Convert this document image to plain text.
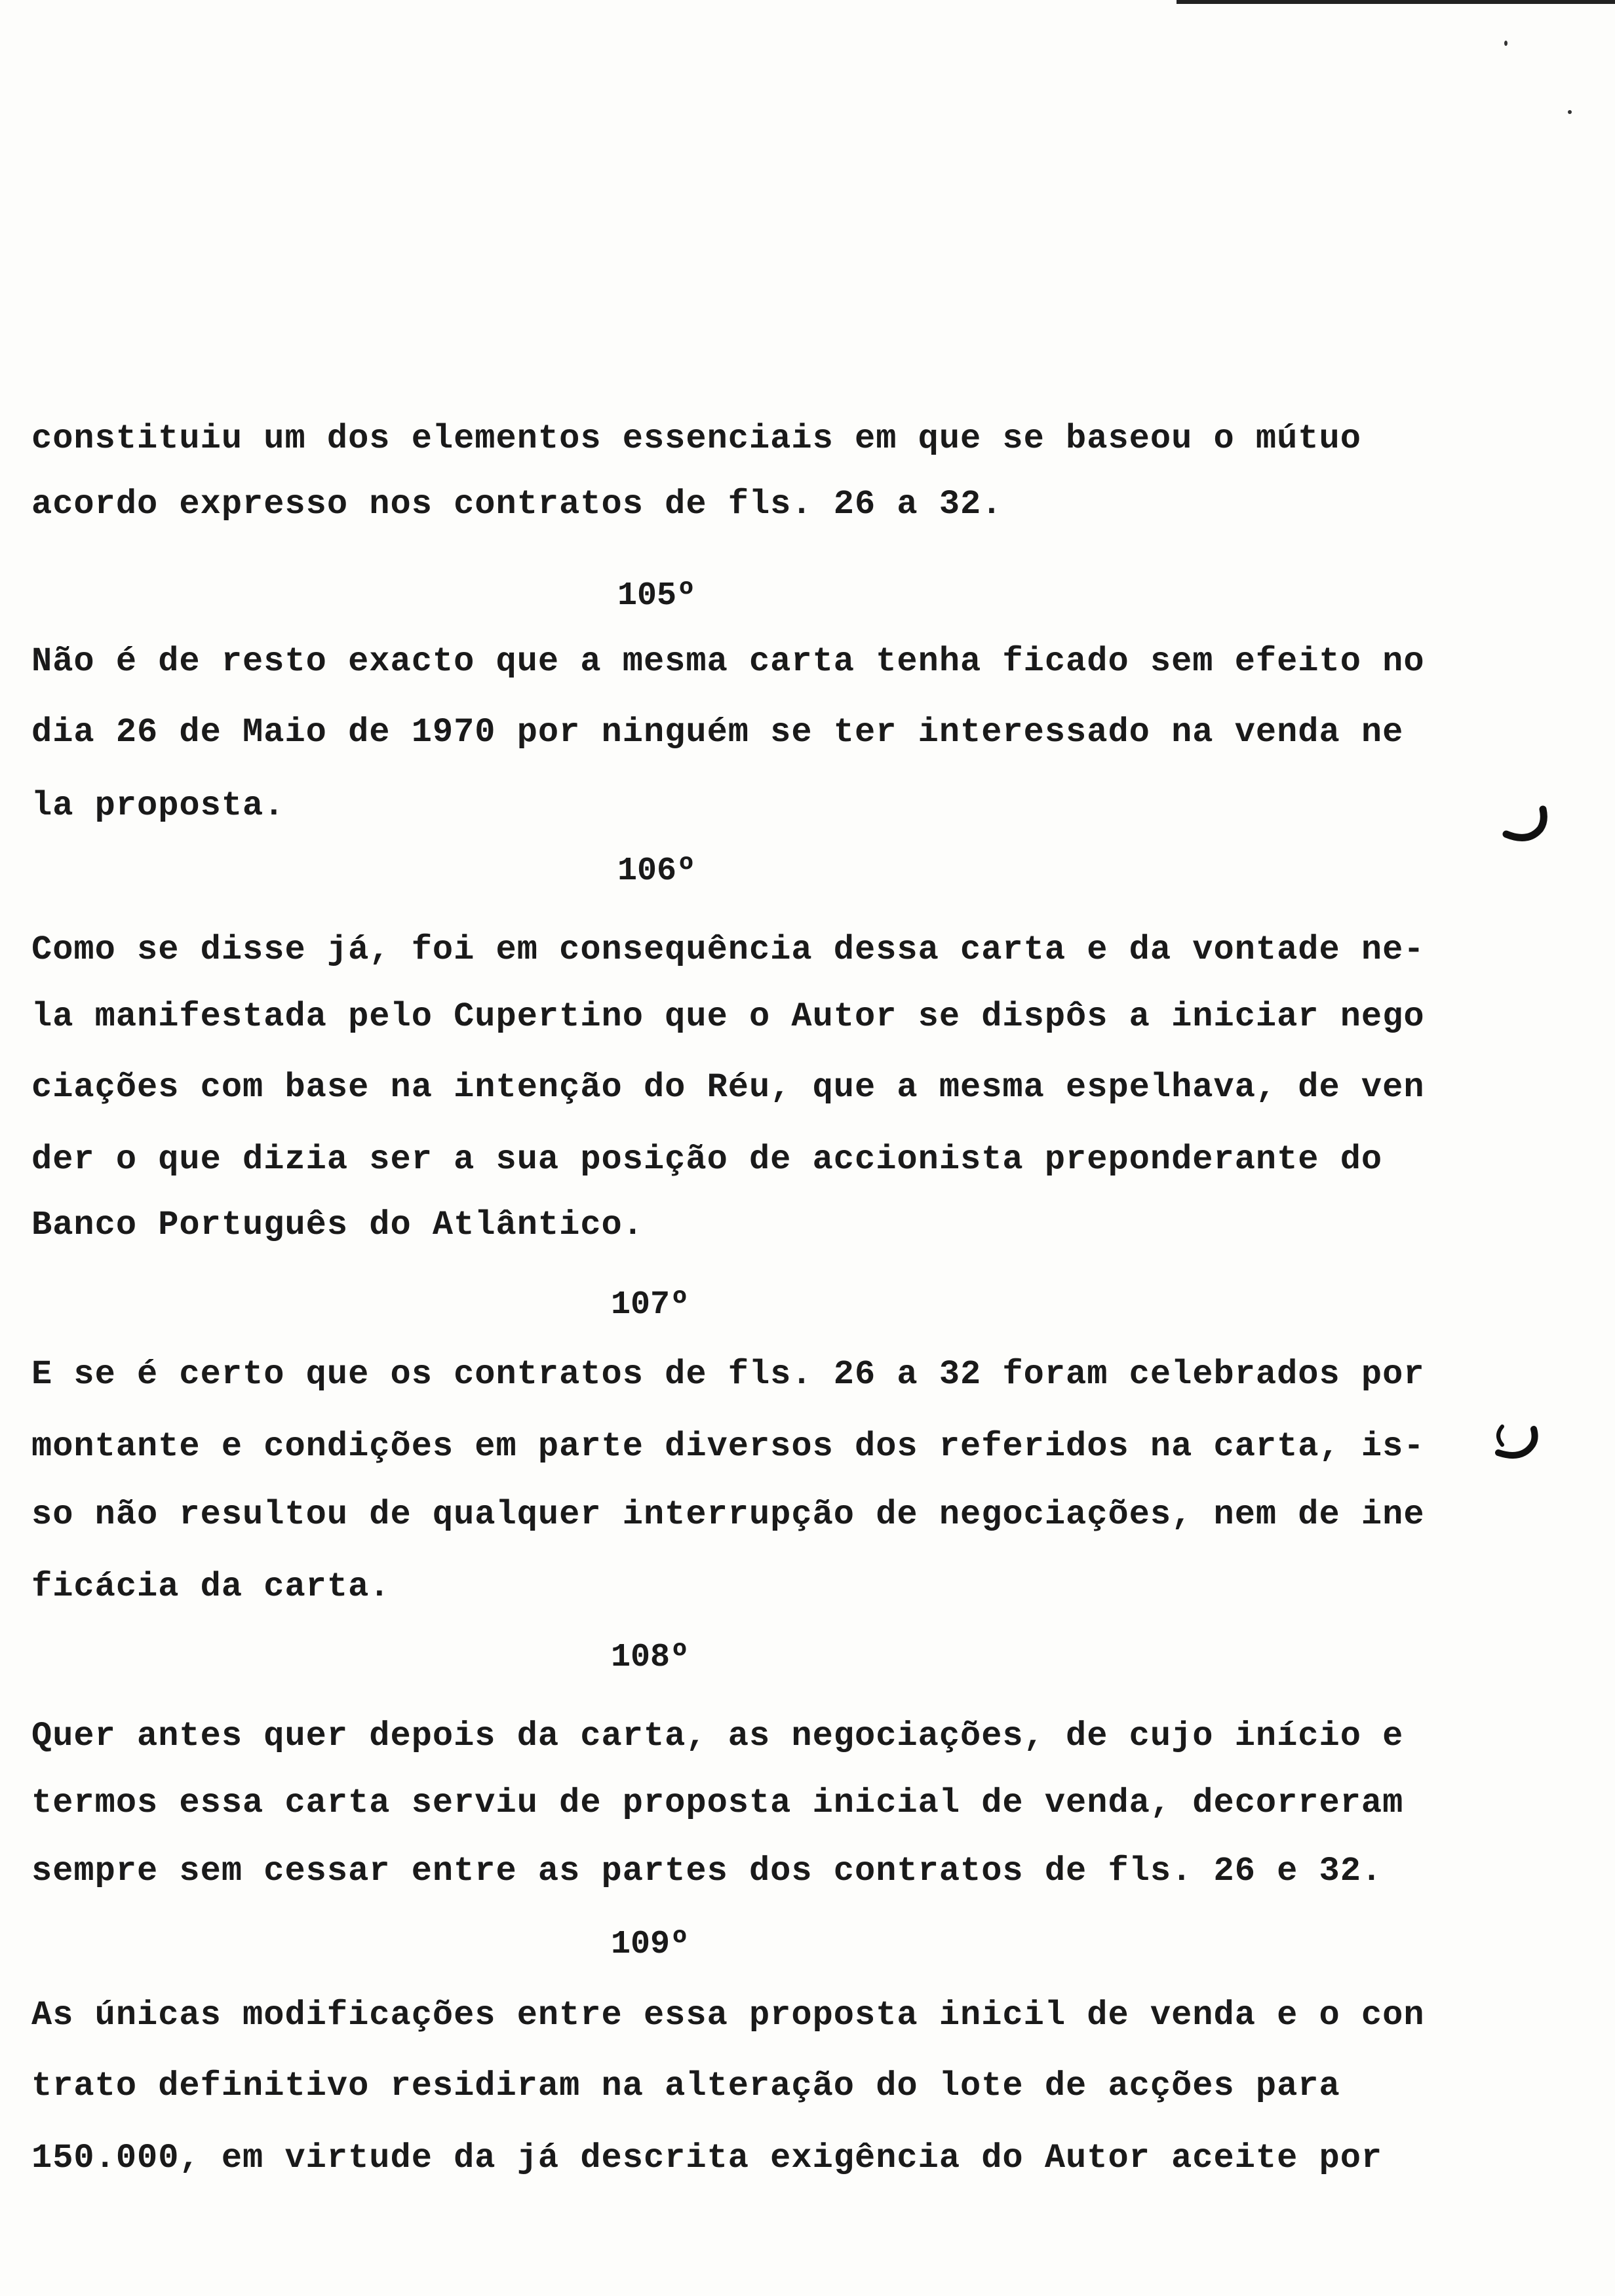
constituiu um dos elementos essenciais em que se baseou o mútuo
acordo expresso nos contratos de fls. 26 a 32.
105º
Não é de resto exacto que a mesma carta tenha ficado sem efeito no
dia 26 de Maio de 1970 por ninguém se ter interessado na venda ne
la proposta.
106º
Como se disse já, foi em consequência dessa carta e da vontade ne-
la manifestada pelo Cupertino que o Autor se dispôs a iniciar nego
ciações com base na intenção do Réu, que a mesma espelhava, de ven
der o que dizia ser a sua posição de accionista preponderante do
Banco Português do Atlântico.
107º
E se é certo que os contratos de fls. 26 a 32 foram celebrados por
montante e condições em parte diversos dos referidos na carta, is-
so não resultou de qualquer interrupção de negociações, nem de ine
ficácia da carta.
108º
Quer antes quer depois da carta, as negociações, de cujo início e
termos essa carta serviu de proposta inicial de venda, decorreram
sempre sem cessar entre as partes dos contratos de fls. 26 e 32.
109º
As únicas modificações entre essa proposta inicil de venda e o con
trato definitivo residiram na alteração do lote de acções para
150.000, em virtude da já descrita exigência do Autor aceite por
